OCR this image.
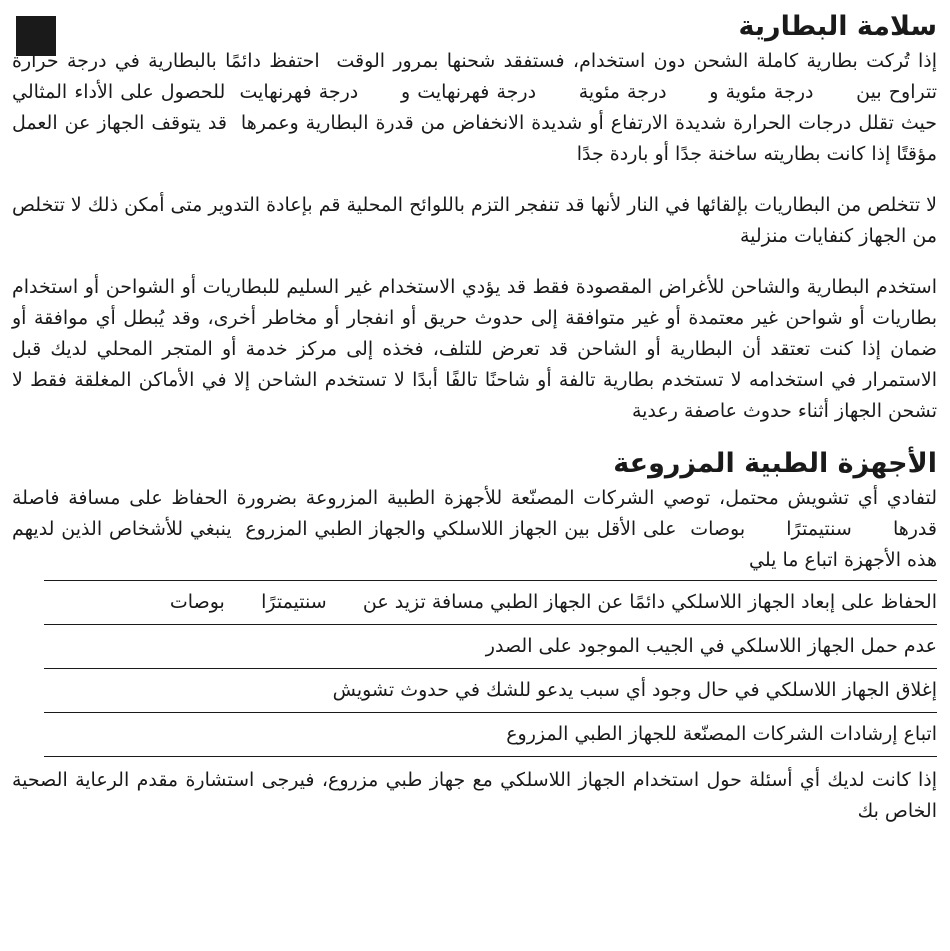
سلامة البطارية

إذا تُركت بطارية كاملة الشحن دون استخدام، فستفقد شحنها بمرور الوقت  احتفظ دائمًا بالبطارية في درجة حرارة تتراوح بين      درجة مئوية و      درجة مئوية      درجة فهرنهايت و      درجة فهرنهايت  للحصول على الأداء المثالي  حيث تقلل درجات الحرارة شديدة الارتفاع أو شديدة الانخفاض من قدرة البطارية وعمرها  قد يتوقف الجهاز عن العمل مؤقتًا إذا كانت بطاريته ساخنة جدًا أو باردة جدًا

لا تتخلص من البطاريات بإلقائها في النار لأنها قد تنفجر التزم باللوائح المحلية قم بإعادة التدوير متى أمكن ذلك لا تتخلص من الجهاز كنفايات منزلية

استخدم البطارية والشاحن للأغراض المقصودة فقط قد يؤدي الاستخدام غير السليم للبطاريات أو الشواحن أو استخدام بطاريات أو شواحن غير معتمدة أو غير متوافقة إلى حدوث حريق أو انفجار أو مخاطر أخرى، وقد يُبطل أي موافقة أو ضمان إذا كنت تعتقد أن البطارية أو الشاحن قد تعرض للتلف، فخذه إلى مركز خدمة أو المتجر المحلي لديك قبل الاستمرار في استخدامه لا تستخدم بطارية تالفة أو شاحنًا تالفًا أبدًا لا تستخدم الشاحن إلا في الأماكن المغلقة فقط لا تشحن الجهاز أثناء حدوث عاصفة رعدية

الأجهزة الطبية المزروعة

لتفادي أي تشويش محتمل، توصي الشركات المصنّعة للأجهزة الطبية المزروعة بضرورة الحفاظ على مسافة فاصلة قدرها      سنتيمترًا      بوصات  على الأقل بين الجهاز اللاسلكي والجهاز الطبي المزروع  ينبغي للأشخاص الذين لديهم هذه الأجهزة اتباع ما يلي

الحفاظ على إبعاد الجهاز اللاسلكي دائمًا عن الجهاز الطبي مسافة تزيد عن      سنتيمترًا      بوصات
عدم حمل الجهاز اللاسلكي في الجيب الموجود على الصدر
إغلاق الجهاز اللاسلكي في حال وجود أي سبب يدعو للشك في حدوث تشويش
اتباع إرشادات الشركات المصنّعة للجهاز الطبي المزروع

إذا كانت لديك أي أسئلة حول استخدام الجهاز اللاسلكي مع جهاز طبي مزروع، فيرجى استشارة مقدم الرعاية الصحية الخاص بك
